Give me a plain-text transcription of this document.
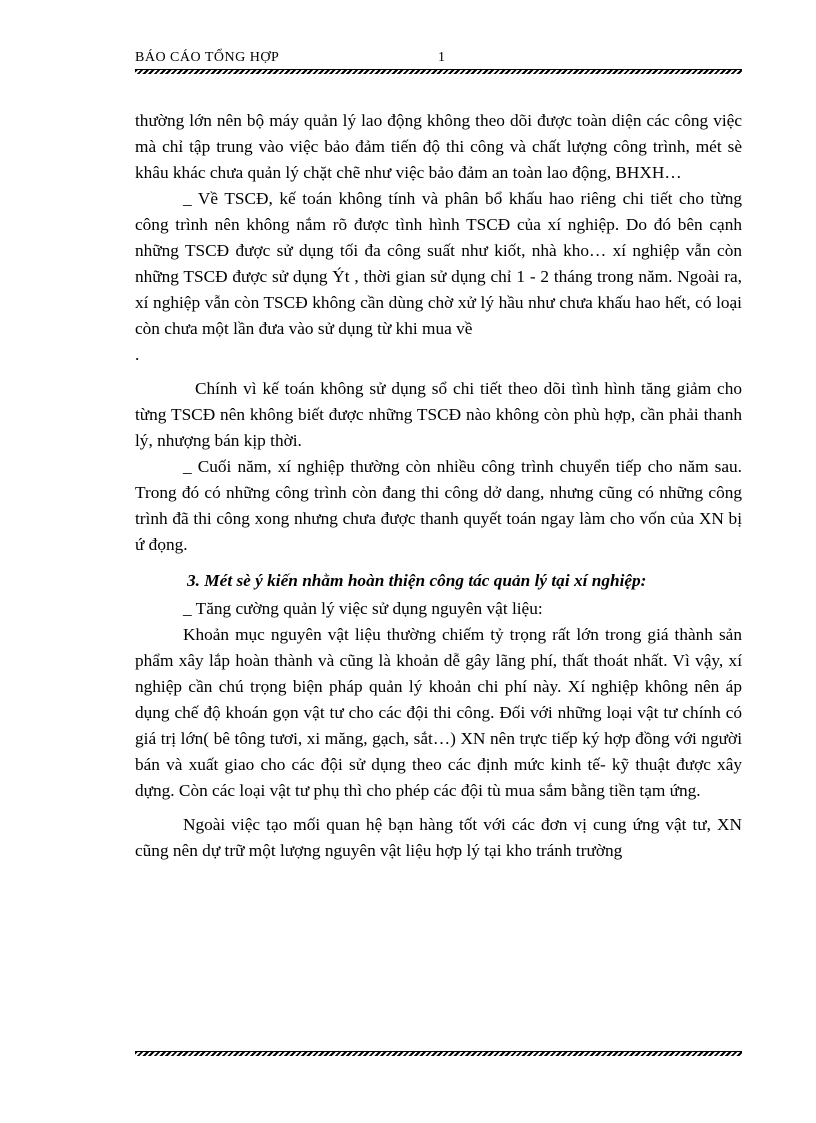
BÁO CÁO TỔNG HỢP	1

thường lớn nên bộ máy quản lý lao động không theo dõi được toàn diện các công việc mà chỉ tập trung vào việc bảo đảm tiến độ thi công và chất lượng công trình, mét sè khâu khác chưa quản lý chặt chẽ như việc bảo đảm an toàn lao động, BHXH…

_ Về TSCĐ, kế toán không tính và phân bổ khấu hao riêng chi tiết cho từng công trình nên không nắm rõ được tình hình TSCĐ của xí nghiệp. Do đó bên cạnh những TSCĐ được sử dụng tối đa công suất như kiốt, nhà kho… xí nghiệp vẫn còn những TSCĐ được sử dụng Ýt , thời gian sử dụng chỉ 1 - 2 tháng trong năm. Ngoài ra, xí nghiệp vẫn còn TSCĐ không cần dùng chờ xử lý hầu như chưa khấu hao hết, có loại còn chưa một lần đưa vào sử dụng từ khi mua về

.

Chính vì kế toán không sử dụng sổ chi tiết theo dõi tình hình tăng giảm cho từng TSCĐ nên không biết được những TSCĐ nào không còn phù hợp, cần phải thanh lý, nhượng bán kịp thời.

_ Cuối năm, xí nghiệp thường còn nhiều công trình chuyển tiếp cho năm sau. Trong đó có những công trình còn đang thi công dở dang, nhưng cũng có những công trình đã thi công xong nhưng chưa được thanh quyết toán ngay làm cho vốn của XN bị ứ đọng.

3. Mét sè ý kiến nhằm hoàn thiện công tác quản lý tại xí nghiệp:

_ Tăng cường quản lý việc sử dụng nguyên vật liệu:

Khoản mục nguyên vật liệu thường chiếm tỷ trọng rất lớn trong giá thành sản phẩm xây lắp hoàn thành và cũng là khoản dễ gây lãng phí, thất thoát nhất. Vì vậy, xí nghiệp cần chú trọng biện pháp quản lý khoản chi phí này. Xí nghiệp không nên áp dụng chế độ khoán gọn vật tư cho các đội thi công. Đối với những loại vật tư chính có giá trị lớn( bê tông tươi, xi măng, gạch, sắt…) XN nên trực tiếp ký hợp đồng với người bán và xuất giao cho các đội sử dụng theo các định mức kinh tế- kỹ thuật được xây dựng. Còn các loại vật tư phụ thì cho phép các đội tù mua sắm bằng tiền tạm ứng.

Ngoài việc tạo mối quan hệ bạn hàng tốt với các đơn vị cung ứng vật tư, XN cũng nên dự trữ một lượng nguyên vật liệu hợp lý tại kho tránh trường
